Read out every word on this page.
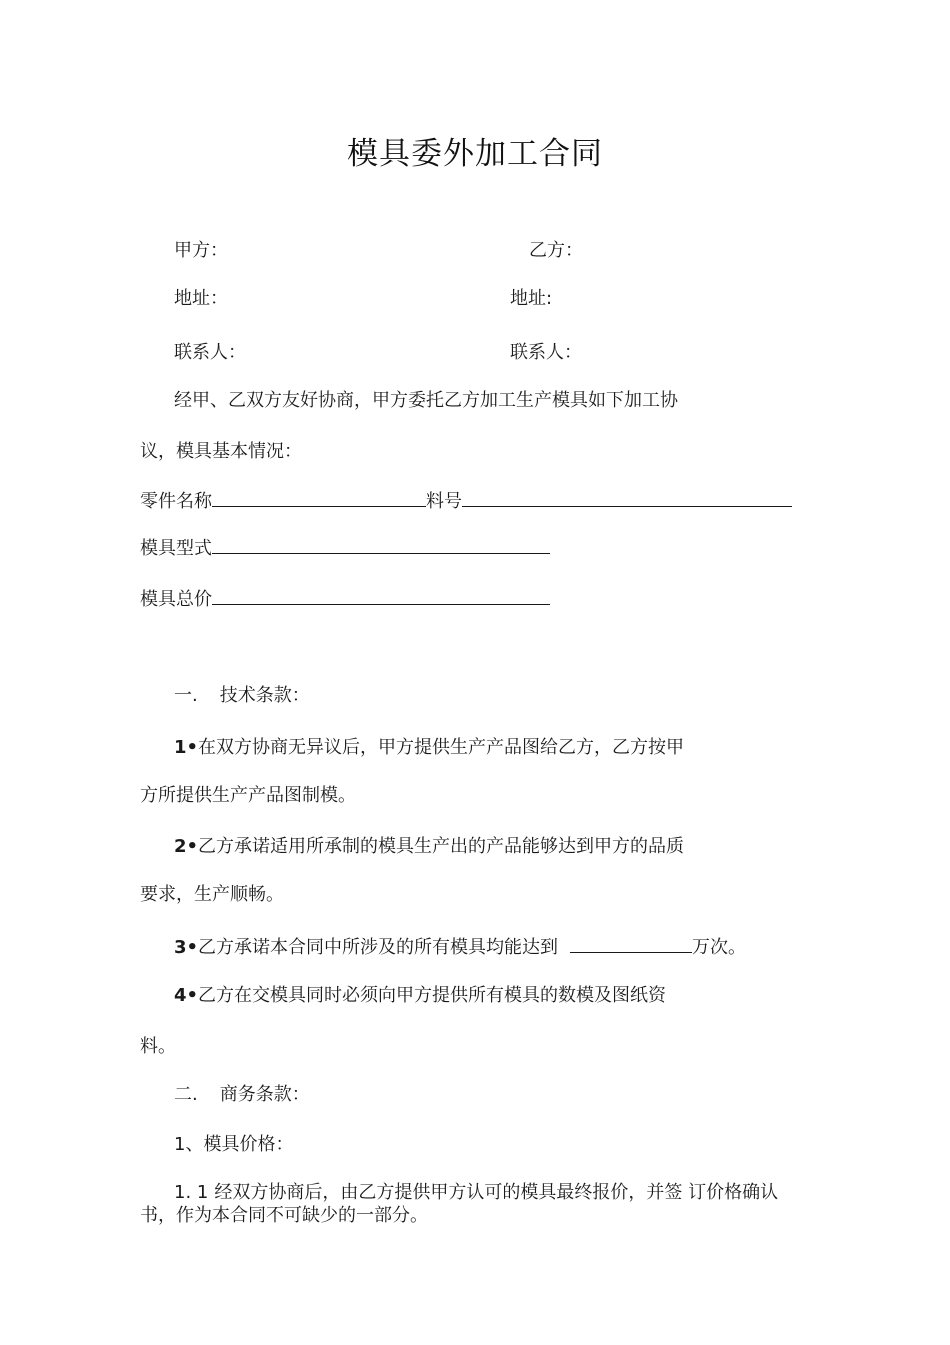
模具委外加工合同
甲方：	乙方：
地址：	地址:
联系人：	联系人：
经甲、乙双方友好协商，甲方委托乙方加工生产模具如下加工协
议，模具基本情况：
零件名称	料号
模具型式
模具总价
一. 技术条款：
1•在双方协商无异议后，甲方提供生产产品图给乙方，乙方按甲
方所提供生产产品图制模。
2•乙方承诺适用所承制的模具生产出的产品能够达到甲方的品质
要求，生产顺畅。
3•乙方承诺本合同中所涉及的所有模具均能达到	万次。
4•乙方在交模具同时必须向甲方提供所有模具的数模及图纸资
料。
二. 商务条款：
1、模具价格：
1. 1 经双方协商后，由乙方提供甲方认可的模具最终报价，并签 订价格确认
书，作为本合同不可缺少的一部分。
